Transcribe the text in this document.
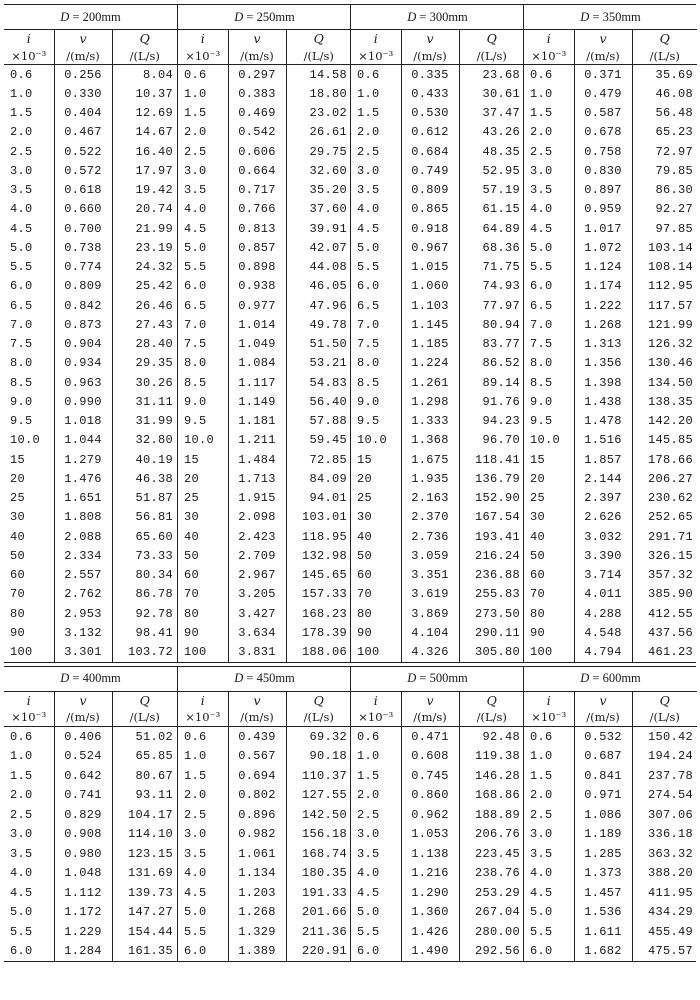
D = 200mm		
i	v	Q
×10⁻³	/(m/s)	/(L/s)
0.6	0.256	8.04
1.0	0.330	10.37
1.5	0.404	12.69
2.0	0.467	14.67
2.5	0.522	16.40
3.0	0.572	17.97
3.5	0.618	19.42
4.0	0.660	20.74
4.5	0.700	21.99
5.0	0.738	23.19
5.5	0.774	24.32
6.0	0.809	25.42
6.5	0.842	26.46
7.0	0.873	27.43
7.5	0.904	28.40
8.0	0.934	29.35
8.5	0.963	30.26
9.0	0.990	31.11
9.5	1.018	31.99
10.0	1.044	32.80
15	1.279	40.19
20	1.476	46.38
25	1.651	51.87
30	1.808	56.81
40	2.088	65.60
50	2.334	73.33
60	2.557	80.34
70	2.762	86.78
80	2.953	92.78
90	3.132	98.41
100	3.301	103.72
D = 250mm		
i	v	Q
×10⁻³	/(m/s)	/(L/s)
0.6	0.297	14.58
1.0	0.383	18.80
1.5	0.469	23.02
2.0	0.542	26.61
2.5	0.606	29.75
3.0	0.664	32.60
3.5	0.717	35.20
4.0	0.766	37.60
4.5	0.813	39.91
5.0	0.857	42.07
5.5	0.898	44.08
6.0	0.938	46.05
6.5	0.977	47.96
7.0	1.014	49.78
7.5	1.049	51.50
8.0	1.084	53.21
8.5	1.117	54.83
9.0	1.149	56.40
9.5	1.181	57.88
10.0	1.211	59.45
15	1.484	72.85
20	1.713	84.09
25	1.915	94.01
30	2.098	103.01
40	2.423	118.95
50	2.709	132.98
60	2.967	145.65
70	3.205	157.33
80	3.427	168.23
90	3.634	178.39
100	3.831	188.06
D = 300mm		
i	v	Q
×10⁻³	/(m/s)	/(L/s)
0.6	0.335	23.68
1.0	0.433	30.61
1.5	0.530	37.47
2.0	0.612	43.26
2.5	0.684	48.35
3.0	0.749	52.95
3.5	0.809	57.19
4.0	0.865	61.15
4.5	0.918	64.89
5.0	0.967	68.36
5.5	1.015	71.75
6.0	1.060	74.93
6.5	1.103	77.97
7.0	1.145	80.94
7.5	1.185	83.77
8.0	1.224	86.52
8.5	1.261	89.14
9.0	1.298	91.76
9.5	1.333	94.23
10.0	1.368	96.70
15	1.675	118.41
20	1.935	136.79
25	2.163	152.90
30	2.370	167.54
40	2.736	193.41
50	3.059	216.24
60	3.351	236.88
70	3.619	255.83
80	3.869	273.50
90	4.104	290.11
100	4.326	305.80
D = 350mm		
i	v	Q
×10⁻³	/(m/s)	/(L/s)
0.6	0.371	35.69
1.0	0.479	46.08
1.5	0.587	56.48
2.0	0.678	65.23
2.5	0.758	72.97
3.0	0.830	79.85
3.5	0.897	86.30
4.0	0.959	92.27
4.5	1.017	97.85
5.0	1.072	103.14
5.5	1.124	108.14
6.0	1.174	112.95
6.5	1.222	117.57
7.0	1.268	121.99
7.5	1.313	126.32
8.0	1.356	130.46
8.5	1.398	134.50
9.0	1.438	138.35
9.5	1.478	142.20
10.0	1.516	145.85
15	1.857	178.66
20	2.144	206.27
25	2.397	230.62
30	2.626	252.65
40	3.032	291.71
50	3.390	326.15
60	3.714	357.32
70	4.011	385.90
80	4.288	412.55
90	4.548	437.56
100	4.794	461.23
D = 400mm		
i	v	Q
×10⁻³	/(m/s)	/(L/s)
0.6	0.406	51.02
1.0	0.524	65.85
1.5	0.642	80.67
2.0	0.741	93.11
2.5	0.829	104.17
3.0	0.908	114.10
3.5	0.980	123.15
4.0	1.048	131.69
4.5	1.112	139.73
5.0	1.172	147.27
5.5	1.229	154.44
6.0	1.284	161.35
D = 450mm		
i	v	Q
×10⁻³	/(m/s)	/(L/s)
0.6	0.439	69.32
1.0	0.567	90.18
1.5	0.694	110.37
2.0	0.802	127.55
2.5	0.896	142.50
3.0	0.982	156.18
3.5	1.061	168.74
4.0	1.134	180.35
4.5	1.203	191.33
5.0	1.268	201.66
5.5	1.329	211.36
6.0	1.389	220.91
D = 500mm		
i	v	Q
×10⁻³	/(m/s)	/(L/s)
0.6	0.471	92.48
1.0	0.608	119.38
1.5	0.745	146.28
2.0	0.860	168.86
2.5	0.962	188.89
3.0	1.053	206.76
3.5	1.138	223.45
4.0	1.216	238.76
4.5	1.290	253.29
5.0	1.360	267.04
5.5	1.426	280.00
6.0	1.490	292.56
D = 600mm		
i	v	Q
×10⁻³	/(m/s)	/(L/s)
0.6	0.532	150.42
1.0	0.687	194.24
1.5	0.841	237.78
2.0	0.971	274.54
2.5	1.086	307.06
3.0	1.189	336.18
3.5	1.285	363.32
4.0	1.373	388.20
4.5	1.457	411.95
5.0	1.536	434.29
5.5	1.611	455.49
6.0	1.682	475.57
